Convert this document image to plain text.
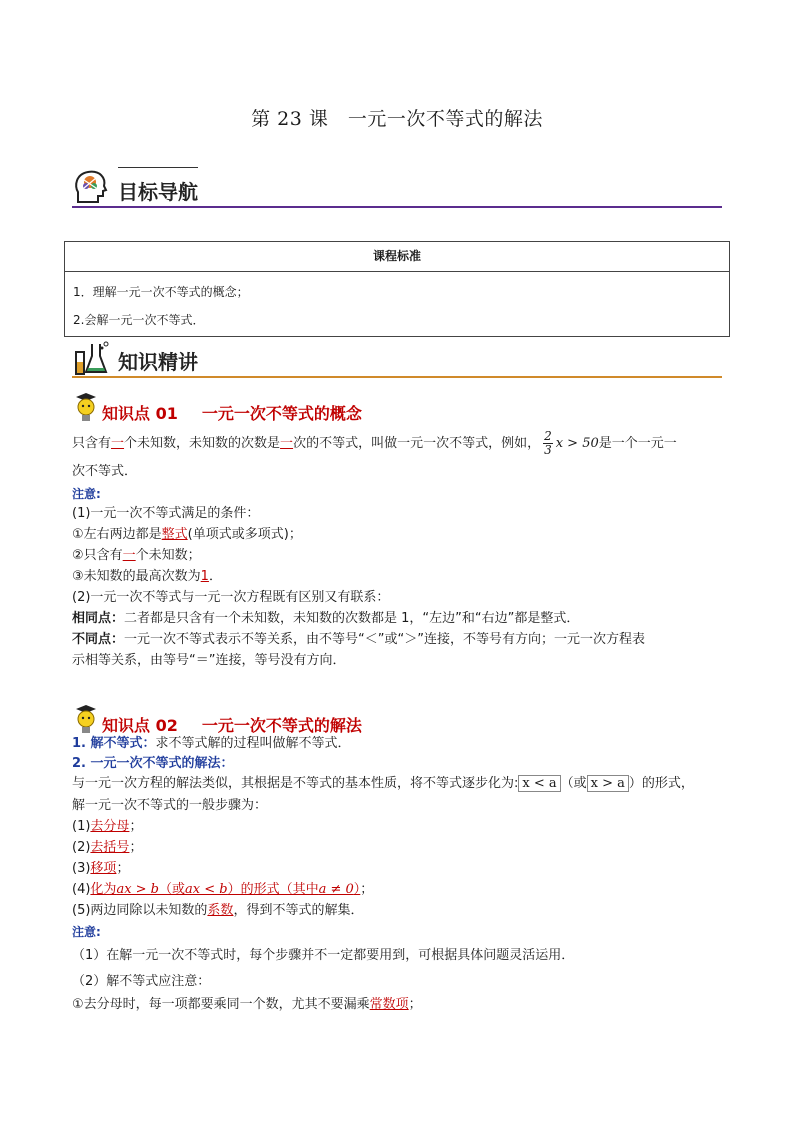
第 23 课　一元一次不等式的解法
目标导航
课程标准
1．理解一元一次不等式的概念；
2.会解一元一次不等式．
知识精讲
知识点 01 一元一次不等式的概念
只含有一个未知数，未知数的次数是一次的不等式，叫做一元一次不等式，例如， $\frac{2}{3}$ x > 50是一个一元一
次不等式．
注意:
(1)一元一次不等式满足的条件：
①左右两边都是整式(单项式或多项式)；
②只含有一个未知数；
③未知数的最高次数为1．
(2)一元一次不等式与一元一次方程既有区别又有联系：
相同点：二者都是只含有一个未知数，未知数的次数都是 1，“左边”和“右边”都是整式．
不同点：一元一次不等式表示不等关系，由不等号“＜”或“＞”连接，不等号有方向；一元一次方程表
示相等关系，由等号“＝”连接，等号没有方向．
知识点 02 一元一次不等式的解法
1. 解不等式：求不等式解的过程叫做解不等式．
2. 一元一次不等式的解法：
与一元一次方程的解法类似，其根据是不等式的基本性质，将不等式逐步化为: x < a （或 x > a ）的形式，
解一元一次不等式的一般步骤为：
(1)去分母；
(2)去括号；
(3)移项；
(4)化为ax > b（或ax < b）的形式（其中a ≠ 0）；
(5)两边同除以未知数的系数，得到不等式的解集．
注意:
（1）在解一元一次不等式时，每个步骤并不一定都要用到，可根据具体问题灵活运用．
（2）解不等式应注意：
①去分母时，每一项都要乘同一个数，尤其不要漏乘常数项；
